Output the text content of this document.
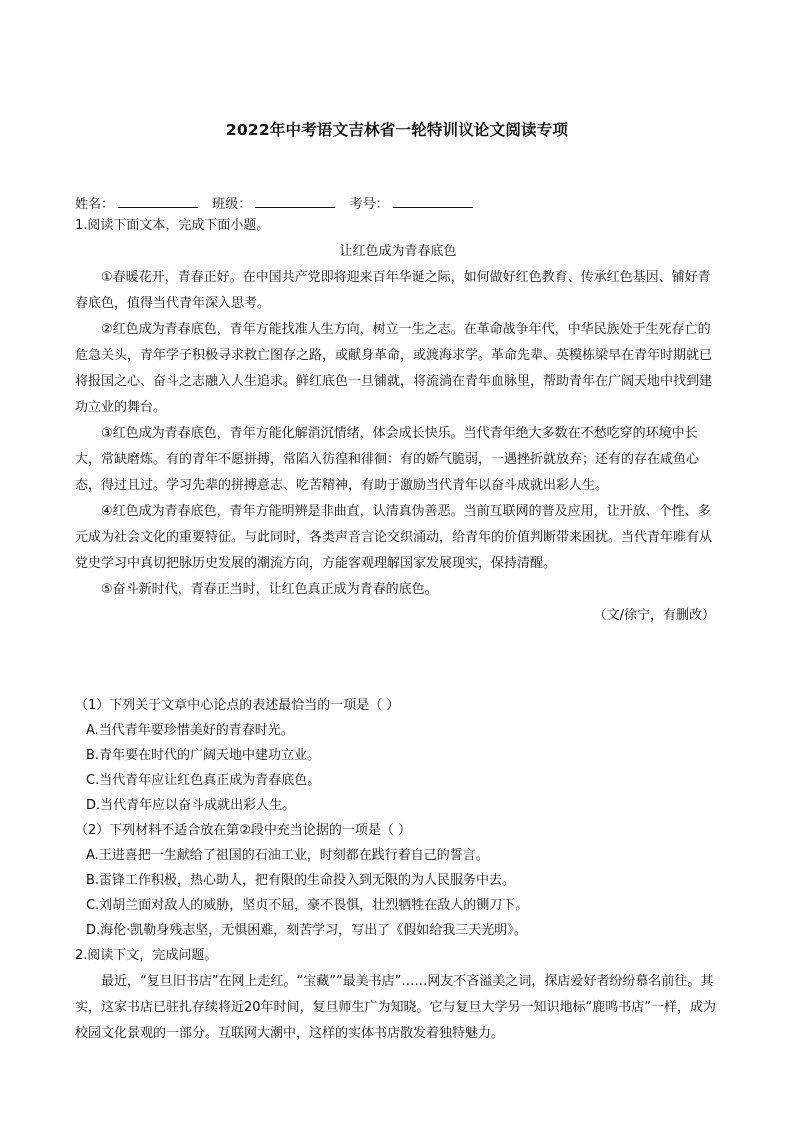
2022年中考语文吉林省一轮特训议论文阅读专项
姓名：	班级：	考号：

1.阅读下面文本，完成下面小题。

让红色成为青春底色

①春暖花开，青春正好。在中国共产党即将迎来百年华诞之际，如何做好红色教育、传承红色基因、铺好青春底色，值得当代青年深入思考。

②红色成为青春底色，青年方能找准人生方向，树立一生之志。在革命战争年代，中华民族处于生死存亡的危急关头，青年学子积极寻求救亡图存之路，或献身革命，或渡海求学。革命先辈、英模栋梁早在青年时期就已将报国之心、奋斗之志融入人生追求。鲜红底色一旦铺就，将流淌在青年血脉里，帮助青年在广阔天地中找到建功立业的舞台。

③红色成为青春底色，青年方能化解消沉情绪，体会成长快乐。当代青年绝大多数在不愁吃穿的环境中长大，常缺磨炼。有的青年不愿拼搏，常陷入彷徨和徘徊：有的娇气脆弱，一遇挫折就放弃；还有的存在咸鱼心态，得过且过。学习先辈的拼搏意志、吃苦精神，有助于激励当代青年以奋斗成就出彩人生。

④红色成为青春底色，青年方能明辨是非曲直，认清真伪善恶。当前互联网的普及应用，让开放、个性、多元成为社会文化的重要特征。与此同时，各类声音言论交织涌动，给青年的价值判断带来困扰。当代青年唯有从党史学习中真切把脉历史发展的潮流方向，方能客观理解国家发展现实，保持清醒。

⑤奋斗新时代，青春正当时，让红色真正成为青春的底色。

（文/徐宁，有删改）

（1）下列关于文章中心论点的表述最恰当的一项是（ ）

A.当代青年要珍惜美好的青春时光。

B.青年要在时代的广阔天地中建功立业。

C.当代青年应让红色真正成为青春底色。

D.当代青年应以奋斗成就出彩人生。

（2）下列材料不适合放在第②段中充当论据的一项是（ ）

A.王进喜把一生献给了祖国的石油工业，时刻都在践行着自己的誓言。

B.雷锋工作积极，热心助人，把有限的生命投入到无限的为人民服务中去。

C.刘胡兰面对敌人的威胁，坚贞不屈，豪不畏惧，壮烈牺牲在敌人的铡刀下。

D.海伦·凯勒身残志坚，无惧困难，刻苦学习，写出了《假如给我三天光明》。

2.阅读下文，完成问题。

最近，“复旦旧书店”在网上走红。“宝藏”“最美书店”……网友不吝溢美之词，探店爱好者纷纷慕名前往。其实，这家书店已驻扎存续将近20年时间，复旦师生广为知晓。它与复旦大学另一知识地标“鹿鸣书店”一样，成为校园文化景观的一部分。互联网大潮中，这样的实体书店散发着独特魅力。
